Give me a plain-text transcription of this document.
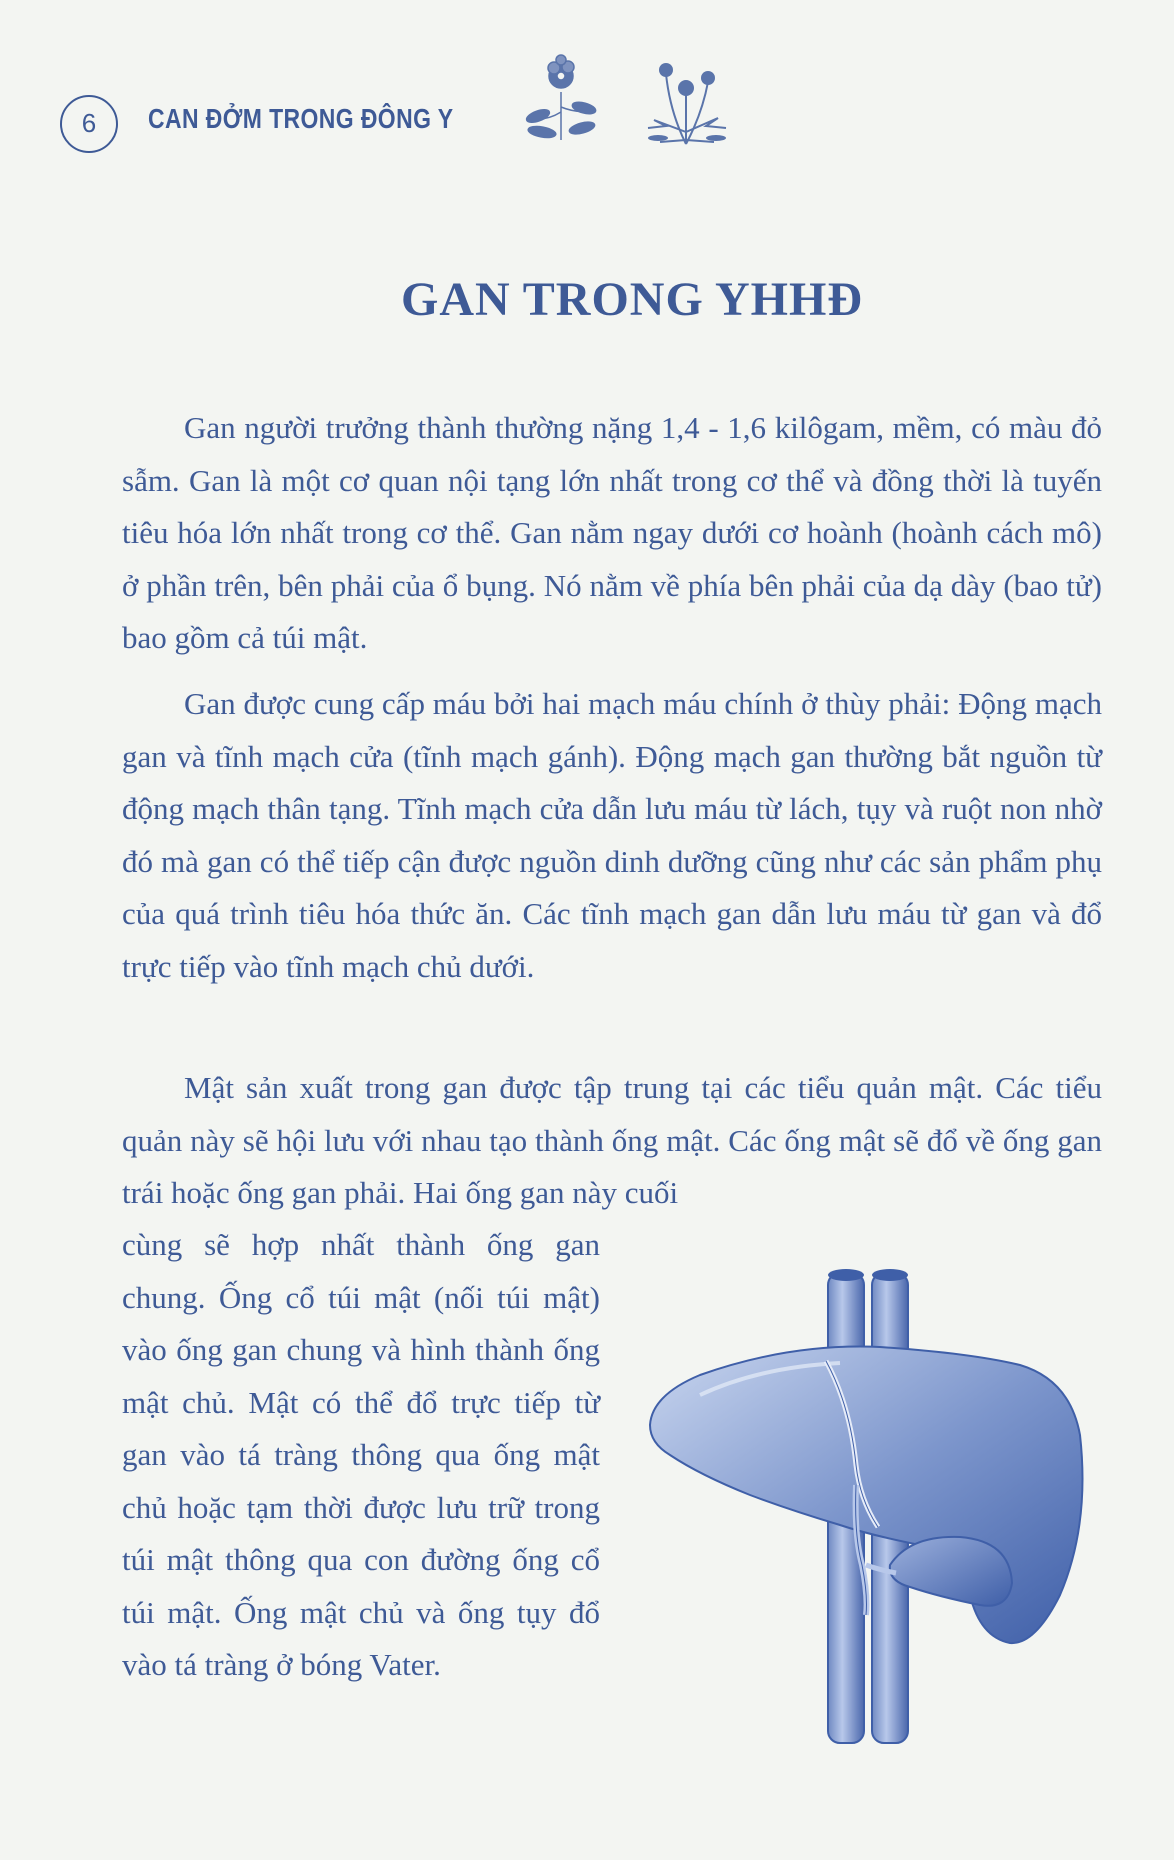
6	CAN ĐỞM TRONG ĐÔNG Y
GAN TRONG YHHĐ

Gan người trưởng thành thường nặng 1,4 - 1,6 kilôgam, mềm, có màu đỏ sẫm. Gan là một cơ quan nội tạng lớn nhất trong cơ thể và đồng thời là tuyến tiêu hóa lớn nhất trong cơ thể. Gan nằm ngay dưới cơ hoành (hoành cách mô) ở phần trên, bên phải của ổ bụng. Nó nằm về phía bên phải của dạ dày (bao tử) bao gồm cả túi mật.

Gan được cung cấp máu bởi hai mạch máu chính ở thùy phải: Động mạch gan và tĩnh mạch cửa (tĩnh mạch gánh). Động mạch gan thường bắt nguồn từ động mạch thân tạng. Tĩnh mạch cửa dẫn lưu máu từ lách, tụy và ruột non nhờ đó mà gan có thể tiếp cận được nguồn dinh dưỡng cũng như các sản phẩm phụ của quá trình tiêu hóa thức ăn. Các tĩnh mạch gan dẫn lưu máu từ gan và đổ trực tiếp vào tĩnh mạch chủ dưới.

Mật sản xuất trong gan được tập trung tại các tiểu quản mật. Các tiểu quản này sẽ hội lưu với nhau tạo thành ống mật. Các ống mật sẽ đổ về ống gan trái hoặc ống gan phải. Hai ống gan này cuối

cùng sẽ hợp nhất thành ống gan chung. Ống cổ túi mật (nối túi mật) vào ống gan chung và hình thành ống mật chủ. Mật có thể đổ trực tiếp từ gan vào tá tràng thông qua ống mật chủ hoặc tạm thời được lưu trữ trong túi mật thông qua con đường ống cổ túi mật. Ống mật chủ và ống tụy đổ vào tá tràng ở bóng Vater.
